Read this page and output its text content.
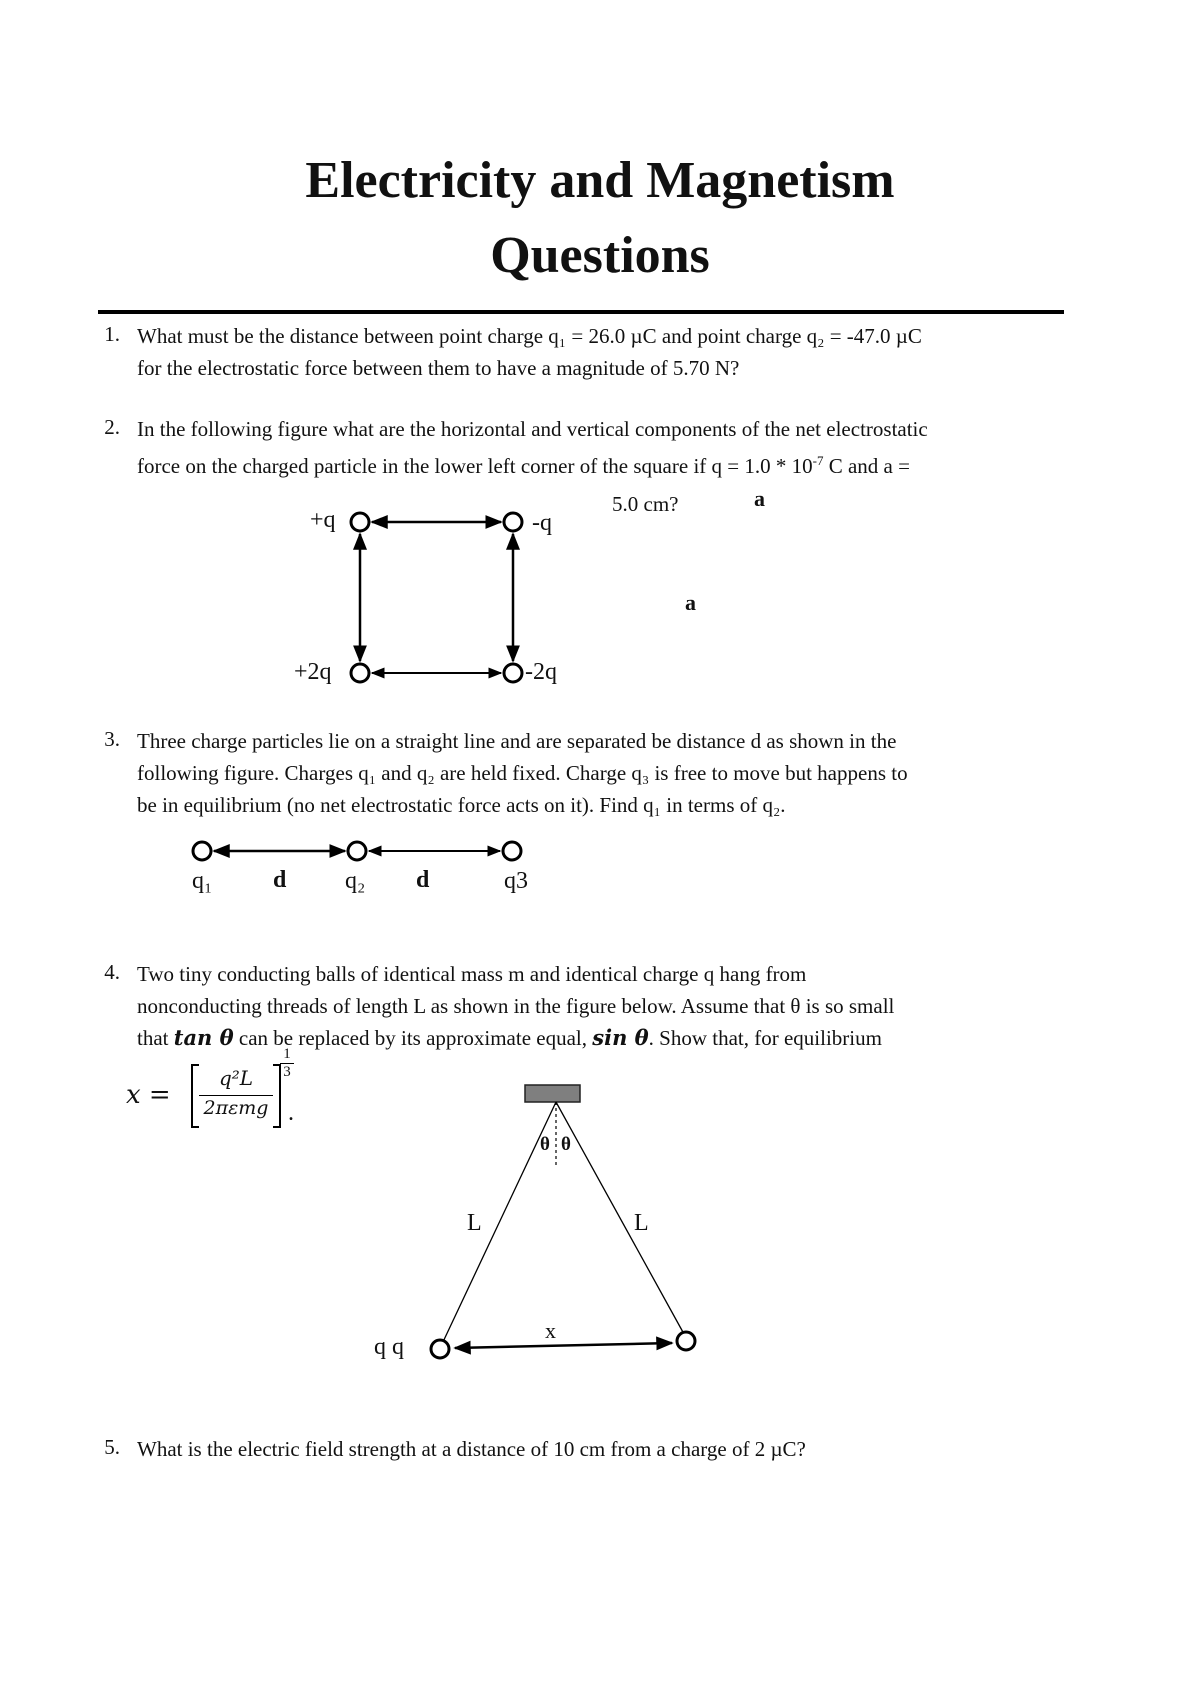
Electricity and Magnetism
Questions
1. What must be the distance between point charge q₁ = 26.0 µC and point charge q₂ = -47.0 µC
for the electrostatic force between them to have a magnitude of 5.70 N?
2. In the following figure what are the horizontal and vertical components of the net electrostatic
force on the charged particle in the lower left corner of the square if $q = 1.0 * 10^{-7}$ C and a =
5.0 cm?	a
a
+q	-q
+2q	-2q
3. Three charge particles lie on a straight line and are separated be distance d as shown in the
following figure. Charges q₁ and q₂ are held fixed. Charge q₃ is free to move but happens to
be in equilibrium (no net electrostatic force acts on it). Find q₁ in terms of q₂.
q₁	d q₂ d	q3
4. Two tiny conducting balls of identical mass m and identical charge q hang from
nonconducting threads of length L as shown in the figure below. Assume that θ is so small
that tan θ can be replaced by its approximate equal, sin θ. Show that, for equilibrium
x =
q²L
2πεmg
1
3
.
θ θ
L	L
q q
x
5. What is the electric field strength at a distance of 10 cm from a charge of 2 µC?
